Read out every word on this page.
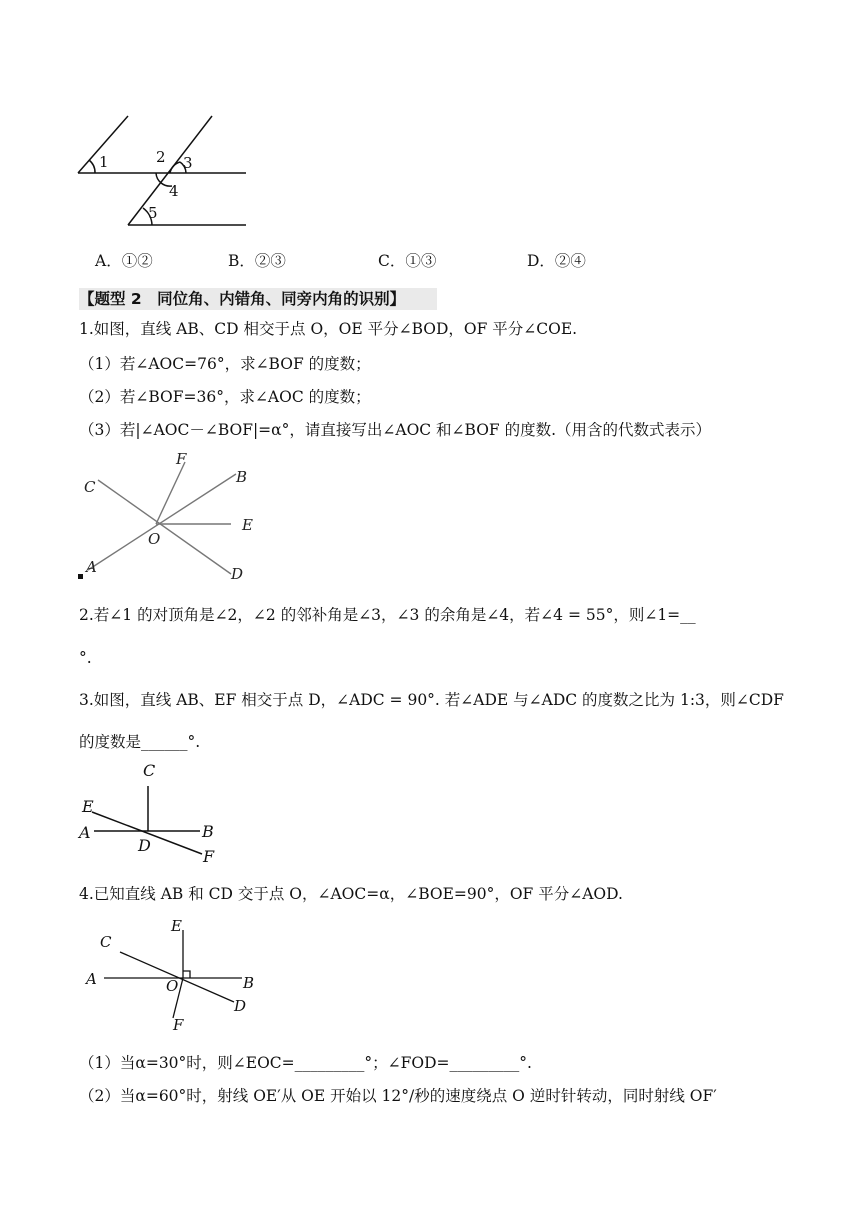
1	2 3
4
5
A．①②	B．②③	C．①③	D．②④
【题型 2　同位角、内错角、同旁内角的识别】
1.如图，直线 AB、CD 相交于点 O，OE 平分∠BOD，OF 平分∠COE.
（1）若∠AOC=76°，求∠BOF 的度数；
（2）若∠BOF=36°，求∠AOC 的度数；
（3）若|∠AOC－∠BOF|=α°，请直接写出∠AOC 和∠BOF 的度数.（用含的代数式表示）
C
F
B
E
O
A	D
2.若∠1 的对顶角是∠2，∠2 的邻补角是∠3，∠3 的余角是∠4，若∠4 = 55°，则∠1=__
°.
3.如图，直线 AB、EF 相交于点 D，∠ADC = 90°. 若∠ADE 与∠ADC 的度数之比为 1:3，则∠CDF
的度数是______°.
C
E
A
D
B
F
4.已知直线 AB 和 CD 交于点 O，∠AOC=α，∠BOE=90°，OF 平分∠AOD.
E
C
A	O	B
D
F
（1）当α=30°时，则∠EOC=_________°；∠FOD=_________°.
（2）当α=60°时，射线 OE′从 OE 开始以 12°/秒的速度绕点 O 逆时针转动，同时射线 OF′
